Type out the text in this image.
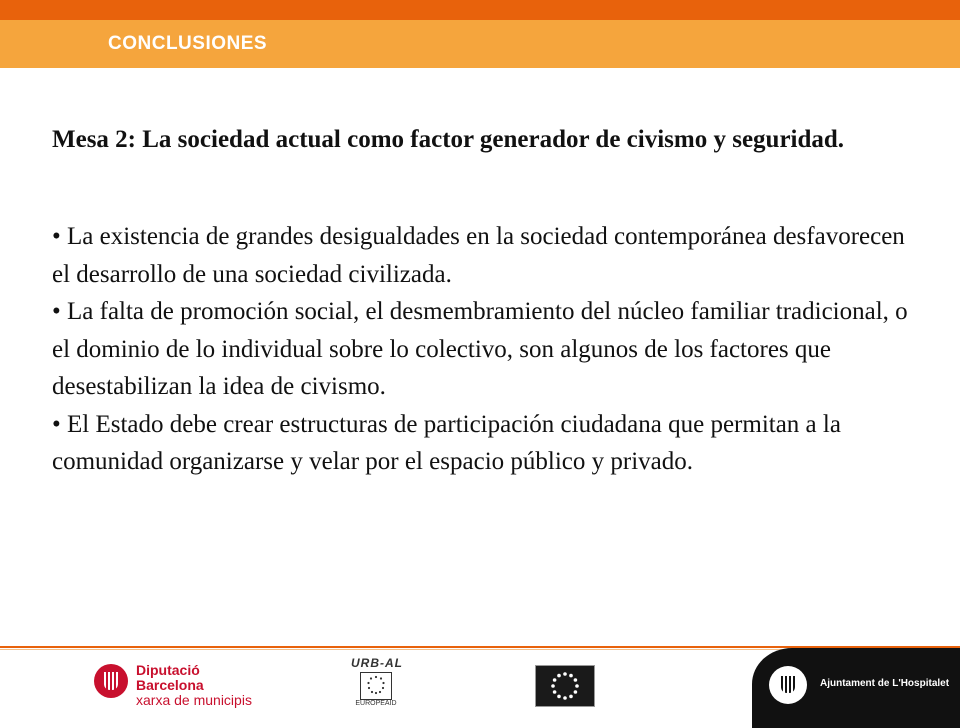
CONCLUSIONES
Mesa 2: La sociedad actual como factor generador de civismo y seguridad.

• La existencia de grandes desigualdades en la sociedad contemporánea desfavorecen el desarrollo de una sociedad civilizada.

• La falta de promoción social, el desmembramiento del núcleo familiar tradicional, o el dominio de lo individual sobre lo colectivo, son algunos de los factores que desestabilizan la idea de civismo.

• El Estado debe crear estructuras de participación ciudadana que permitan a la comunidad organizarse y velar por el espacio público y privado.

Diputació
Barcelona
xarxa de municipis
URB-AL
EUROPEAID
Ajuntament de L'Hospitalet
